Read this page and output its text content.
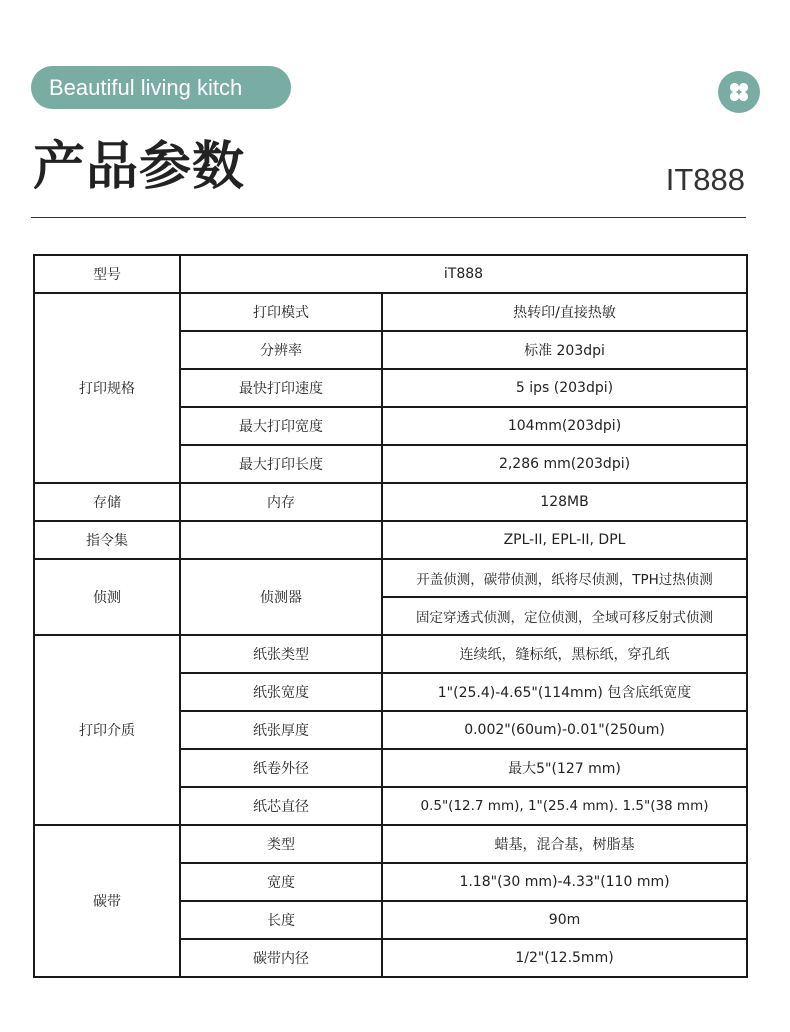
Beautiful living kitch
产品参数	IT888
型号	iT888	
打印规格	打印模式	热转印/直接热敏
	分辨率	标准 203dpi
	最快打印速度	5 ips (203dpi)
	最大打印宽度	104mm(203dpi)
	最大打印长度	2,286 mm(203dpi)
存储	内存	128MB
指令集		ZPL-II, EPL-II, DPL
侦测	侦测器	开盖侦测，碳带侦测，纸将尽侦测，TPH过热侦测
		固定穿透式侦测，定位侦测，全域可移反射式侦测
打印介质	纸张类型	连续纸，缝标纸，黑标纸，穿孔纸
	纸张宽度	1"(25.4)-4.65"(114mm) 包含底纸宽度
	纸张厚度	0.002"(60um)-0.01"(250um)
	纸卷外径	最大5"(127 mm)
	纸芯直径	0.5"(12.7 mm), 1"(25.4 mm). 1.5"(38 mm)
碳带	类型	蜡基，混合基，树脂基
	宽度	1.18"(30 mm)-4.33"(110 mm)
	长度	90m
	碳带内径	1/2"(12.5mm)
